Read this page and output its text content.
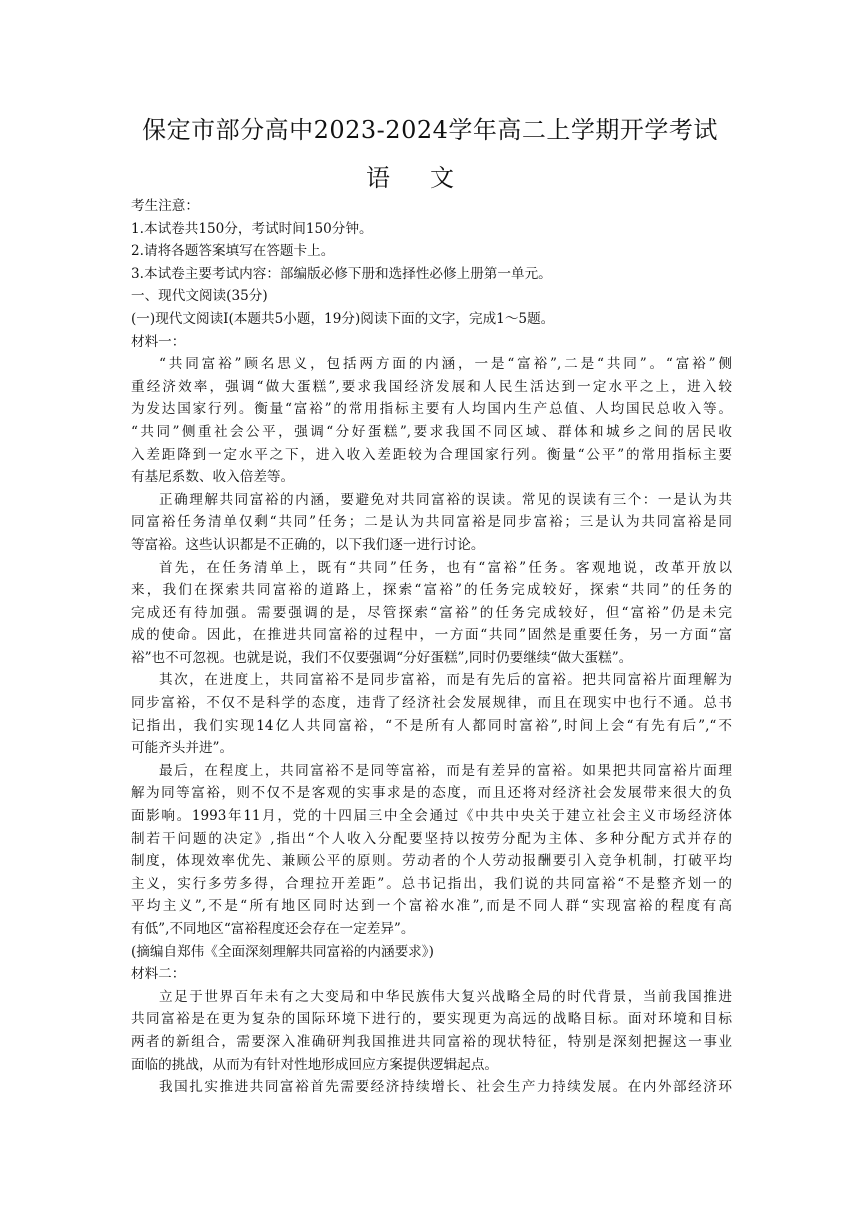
保定市部分高中2023-2024学年高二上学期开学考试
语文
考生注意：
1.本试卷共150分，考试时间150分钟。
2.请将各题答案填写在答题卡上。
3.本试卷主要考试内容：部编版必修下册和选择性必修上册第一单元。
一、现代文阅读(35分)
(一)现代文阅读I(本题共5小题，19分)阅读下面的文字，完成1～5题。
材料一：
“共同富裕”顾名思义，包括两方面的内涵，一是“富裕”,二是“共同”。“富裕”侧
重经济效率，强调“做大蛋糕”,要求我国经济发展和人民生活达到一定水平之上，进入较
为发达国家行列。衡量“富裕”的常用指标主要有人均国内生产总值、人均国民总收入等。
“共同”侧重社会公平，强调“分好蛋糕”,要求我国不同区域、群体和城乡之间的居民收
入差距降到一定水平之下，进入收入差距较为合理国家行列。衡量“公平”的常用指标主要
有基尼系数、收入倍差等。
正确理解共同富裕的内涵，要避免对共同富裕的误读。常见的误读有三个：一是认为共
同富裕任务清单仅剩“共同”任务；二是认为共同富裕是同步富裕；三是认为共同富裕是同
等富裕。这些认识都是不正确的，以下我们逐一进行讨论。
首先，在任务清单上，既有“共同”任务，也有“富裕”任务。客观地说，改革开放以
来，我们在探索共同富裕的道路上，探索“富裕”的任务完成较好，探索“共同”的任务的
完成还有待加强。需要强调的是，尽管探索“富裕”的任务完成较好，但“富裕”仍是未完
成的使命。因此，在推进共同富裕的过程中，一方面“共同”固然是重要任务，另一方面“富
裕”也不可忽视。也就是说，我们不仅要强调“分好蛋糕”,同时仍要继续“做大蛋糕”。
其次，在进度上，共同富裕不是同步富裕，而是有先后的富裕。把共同富裕片面理解为
同步富裕，不仅不是科学的态度，违背了经济社会发展规律，而且在现实中也行不通。总书
记指出，我们实现14亿人共同富裕，“不是所有人都同时富裕”,时间上会“有先有后”,“不
可能齐头并进”。
最后，在程度上，共同富裕不是同等富裕，而是有差异的富裕。如果把共同富裕片面理
解为同等富裕，则不仅不是客观的实事求是的态度，而且还将对经济社会发展带来很大的负
面影响。1993年11月，党的十四届三中全会通过《中共中央关于建立社会主义市场经济体
制若干问题的决定》,指出“个人收入分配要坚持以按劳分配为主体、多种分配方式并存的
制度，体现效率优先、兼顾公平的原则。劳动者的个人劳动报酬要引入竞争机制，打破平均
主义，实行多劳多得，合理拉开差距”。总书记指出，我们说的共同富裕“不是整齐划一的
平均主义”,不是“所有地区同时达到一个富裕水准”,而是不同人群“实现富裕的程度有高
有低”,不同地区“富裕程度还会存在一定差异”。
(摘编自郑伟《全面深刻理解共同富裕的内涵要求》)
材料二：
立足于世界百年未有之大变局和中华民族伟大复兴战略全局的时代背景，当前我国推进
共同富裕是在更为复杂的国际环境下进行的，要实现更为高远的战略目标。面对环境和目标
两者的新组合，需要深入准确研判我国推进共同富裕的现状特征，特别是深刻把握这一事业
面临的挑战，从而为有针对性地形成回应方案提供逻辑起点。
我国扎实推进共同富裕首先需要经济持续增长、社会生产力持续发展。在内外部经济环
